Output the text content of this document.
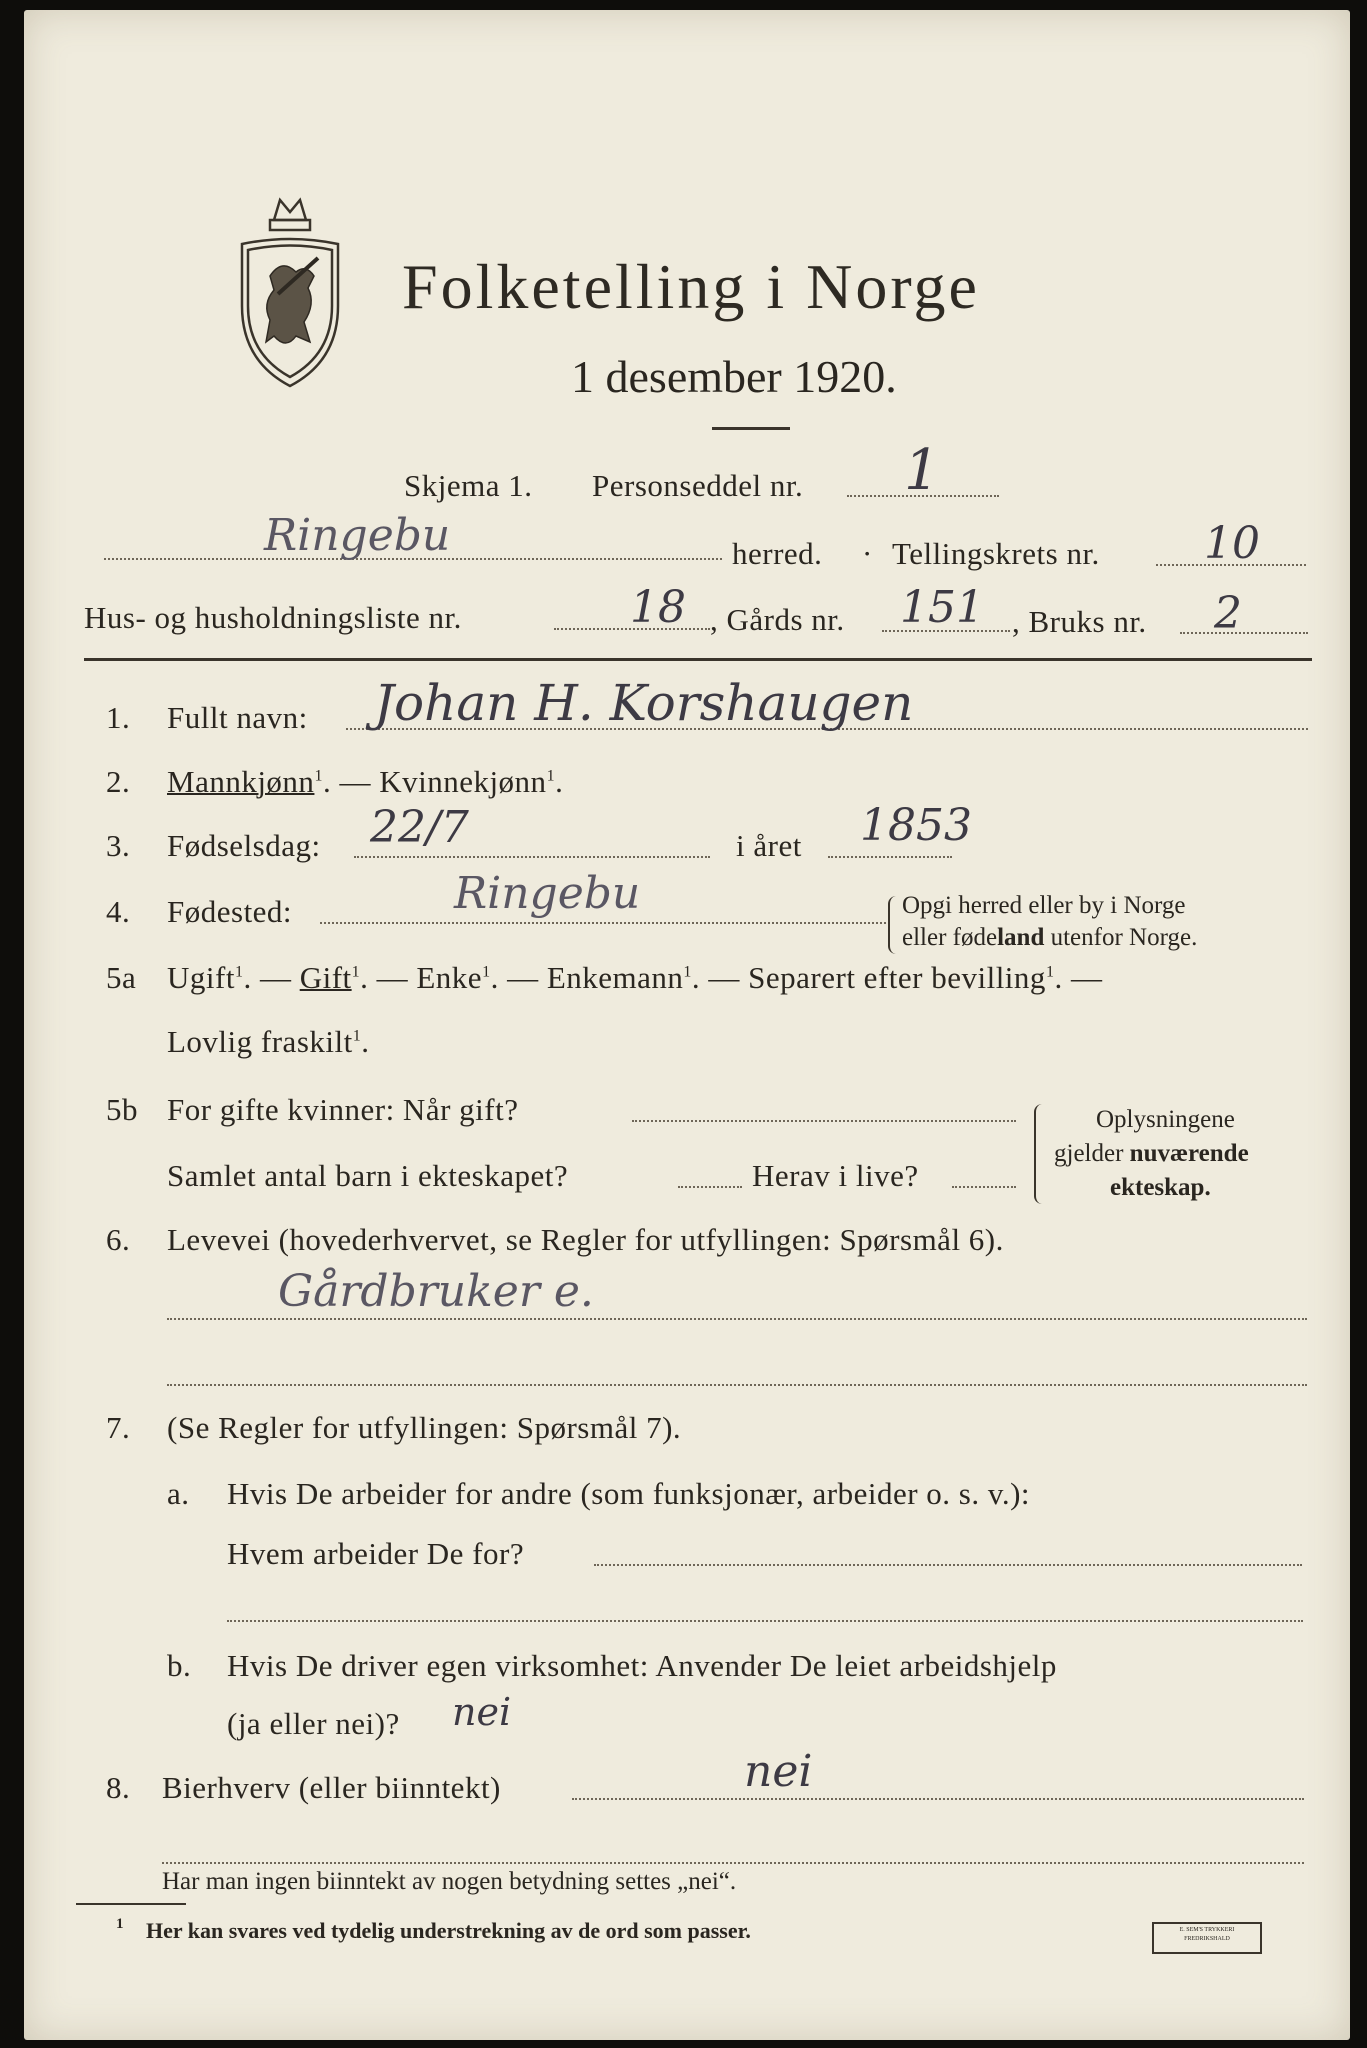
Folketelling i Norge
1 desember 1920.
Skjema 1. Personseddel nr. 1
Ringebu	herred. · Tellingskrets nr. 10
Hus- og husholdningsliste nr.	18 , Gårds nr. 151 , Bruks nr. 2
1. Fullt navn: Johan H. Korshaugen
2. Mannkjønn$^1$. — Kvinnekjønn$^1$.
3. Fødselsdag: 22/7	i året 1853
4. Fødested:	Ringebu	Opgi herred eller by i Norge
eller fødeland utenfor Norge.
5a Ugift$^1$. — Gift$^1$. — Enke$^1$. — Enkemann$^1$. — Separert efter bevilling$^1$. —
Lovlig fraskilt$^1$.
5b For gifte kvinner: Når gift?
Samlet antal barn i ekteskapet?	Herav i live?
Oplysningene
gjelder nuværende
ekteskap.
6. Levevei (hovederhvervet, se Regler for utfyllingen: Spørsmål 6).
Gårdbruker e.
7. (Se Regler for utfyllingen: Spørsmål 7).
a. Hvis De arbeider for andre (som funksjonær, arbeider o. s. v.):
Hvem arbeider De for?
b. Hvis De driver egen virksomhet: Anvender De leiet arbeidshjelp
(ja eller nei)? nei
8. Bierhverv (eller biinntekt)	nei
Har man ingen biinntekt av nogen betydning settes „nei“.
1 Her kan svares ved tydelig understrekning av de ord som passer.	E. SEM'S TRYKKERI
FREDRIKSHALD
